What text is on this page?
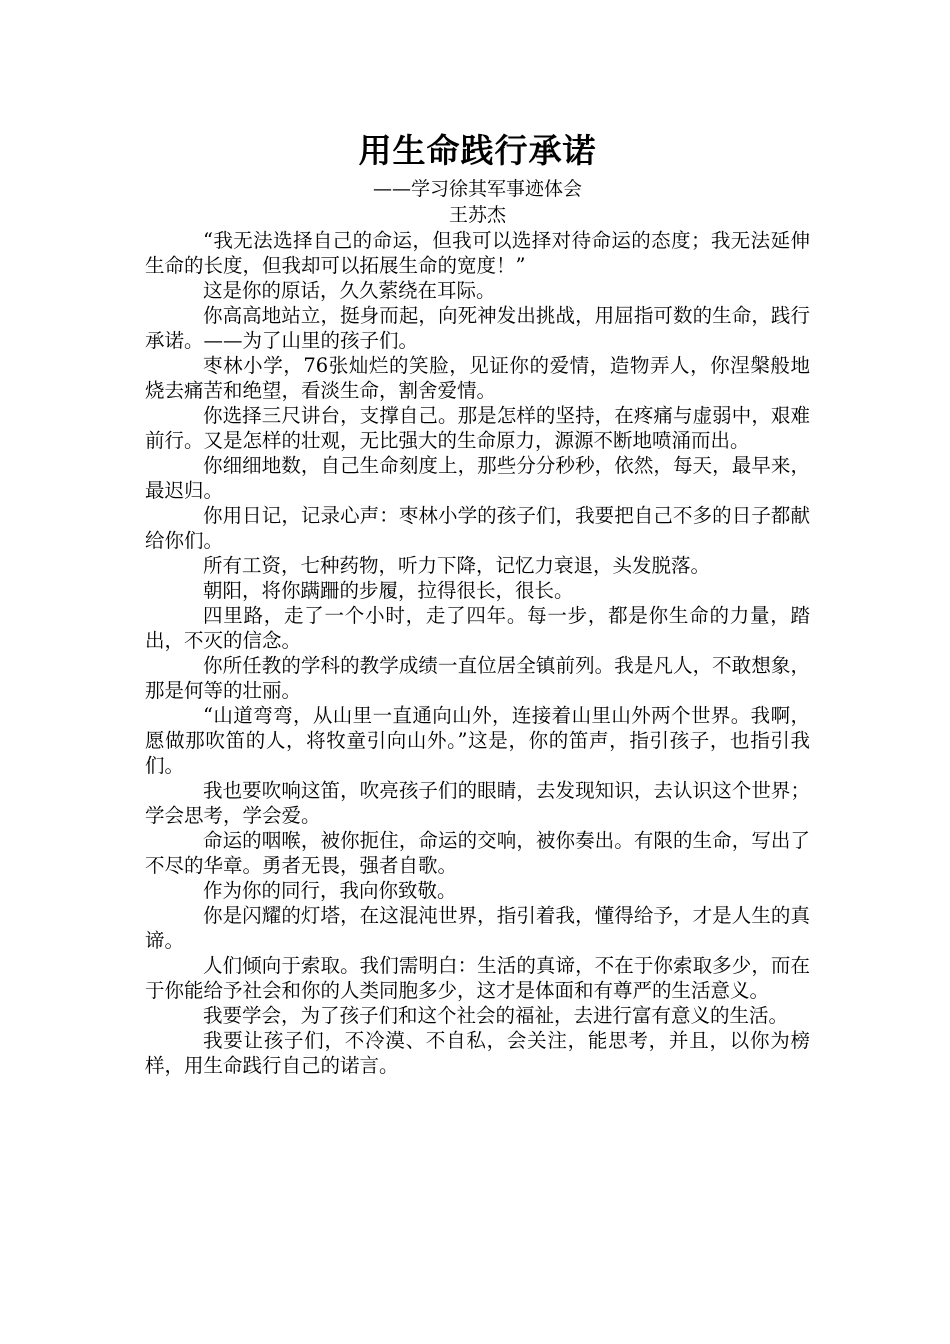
用生命践行承诺
——学习徐其军事迹体会
王苏杰

“我无法选择自己的命运，但我可以选择对待命运的态度；我无法延伸生命的长度，但我却可以拓展生命的宽度！”

这是你的原话，久久萦绕在耳际。

你高高地站立，挺身而起，向死神发出挑战，用屈指可数的生命，践行承诺。——为了山里的孩子们。

枣林小学，76张灿烂的笑脸，见证你的爱情，造物弄人，你涅槃般地烧去痛苦和绝望，看淡生命，割舍爱情。

你选择三尺讲台，支撑自己。那是怎样的坚持，在疼痛与虚弱中，艰难前行。又是怎样的壮观，无比强大的生命原力，源源不断地喷涌而出。

你细细地数，自己生命刻度上，那些分分秒秒，依然，每天，最早来，最迟归。

你用日记，记录心声：枣林小学的孩子们，我要把自己不多的日子都献给你们。

所有工资，七种药物，听力下降，记忆力衰退，头发脱落。

朝阳，将你蹒跚的步履，拉得很长，很长。

四里路，走了一个小时，走了四年。每一步，都是你生命的力量，踏出，不灭的信念。

你所任教的学科的教学成绩一直位居全镇前列。我是凡人，不敢想象，那是何等的壮丽。

“山道弯弯，从山里一直通向山外，连接着山里山外两个世界。我啊，愿做那吹笛的人，将牧童引向山外。”这是，你的笛声，指引孩子，也指引我们。

我也要吹响这笛，吹亮孩子们的眼睛，去发现知识，去认识这个世界；学会思考，学会爱。

命运的咽喉，被你扼住，命运的交响，被你奏出。有限的生命，写出了不尽的华章。勇者无畏，强者自歌。

作为你的同行，我向你致敬。

你是闪耀的灯塔，在这混沌世界，指引着我，懂得给予，才是人生的真谛。

人们倾向于索取。我们需明白：生活的真谛，不在于你索取多少，而在于你能给予社会和你的人类同胞多少，这才是体面和有尊严的生活意义。

我要学会，为了孩子们和这个社会的福祉，去进行富有意义的生活。

我要让孩子们，不冷漠、不自私，会关注，能思考，并且，以你为榜样，用生命践行自己的诺言。
